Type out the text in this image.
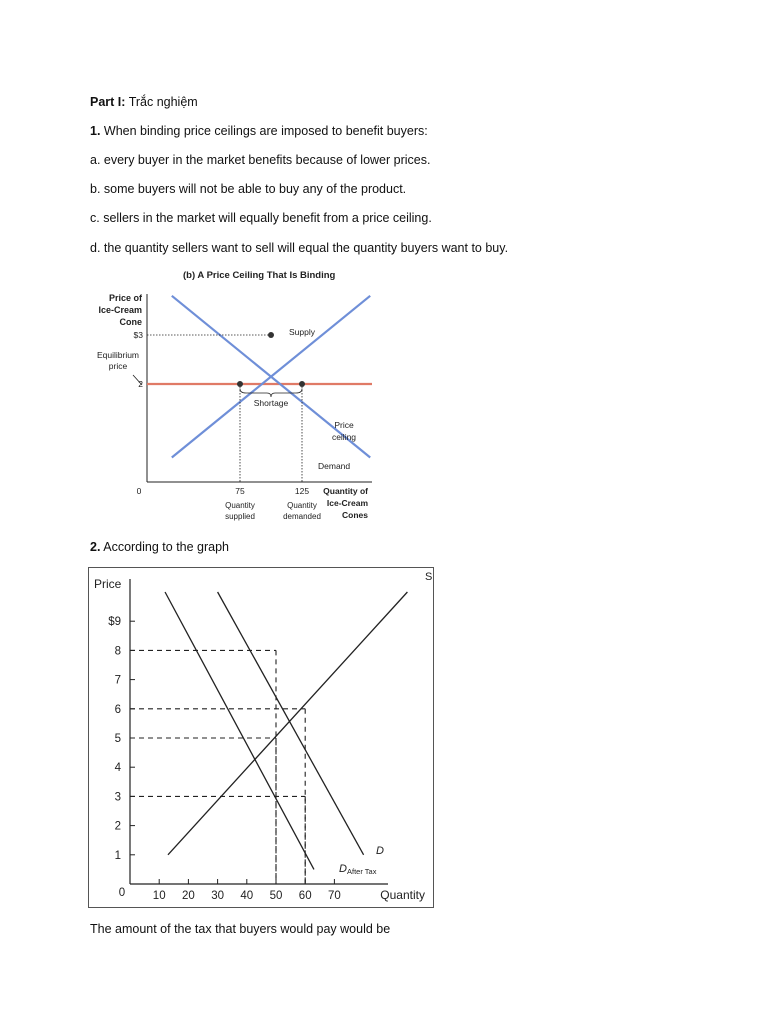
Part I: Trắc nghiệm
1. When binding price ceilings are imposed to benefit buyers:
a. every buyer in the market benefits because of lower prices.
b. some buyers will not be able to buy any of the product.
c. sellers in the market will equally benefit from a price ceiling.
d. the quantity sellers want to sell will equal the quantity buyers want to buy.
(b) A Price Ceiling That Is Binding
Price of
Ice-Cream
Cone
Equilibrium
price
Shortage
$3
2
0	75	125
Quantity
supplied
Quantity
demanded
Quantity of
Ice-Cream
Cones
Supply
Demand
Price
ceiling
2. According to the graph
1
2
3
4
5
6
7
8
$9
10 20 30 40 50 60 70
0
Price
Quantity
S
D
D After Tax
The amount of the tax that buyers would pay would be
